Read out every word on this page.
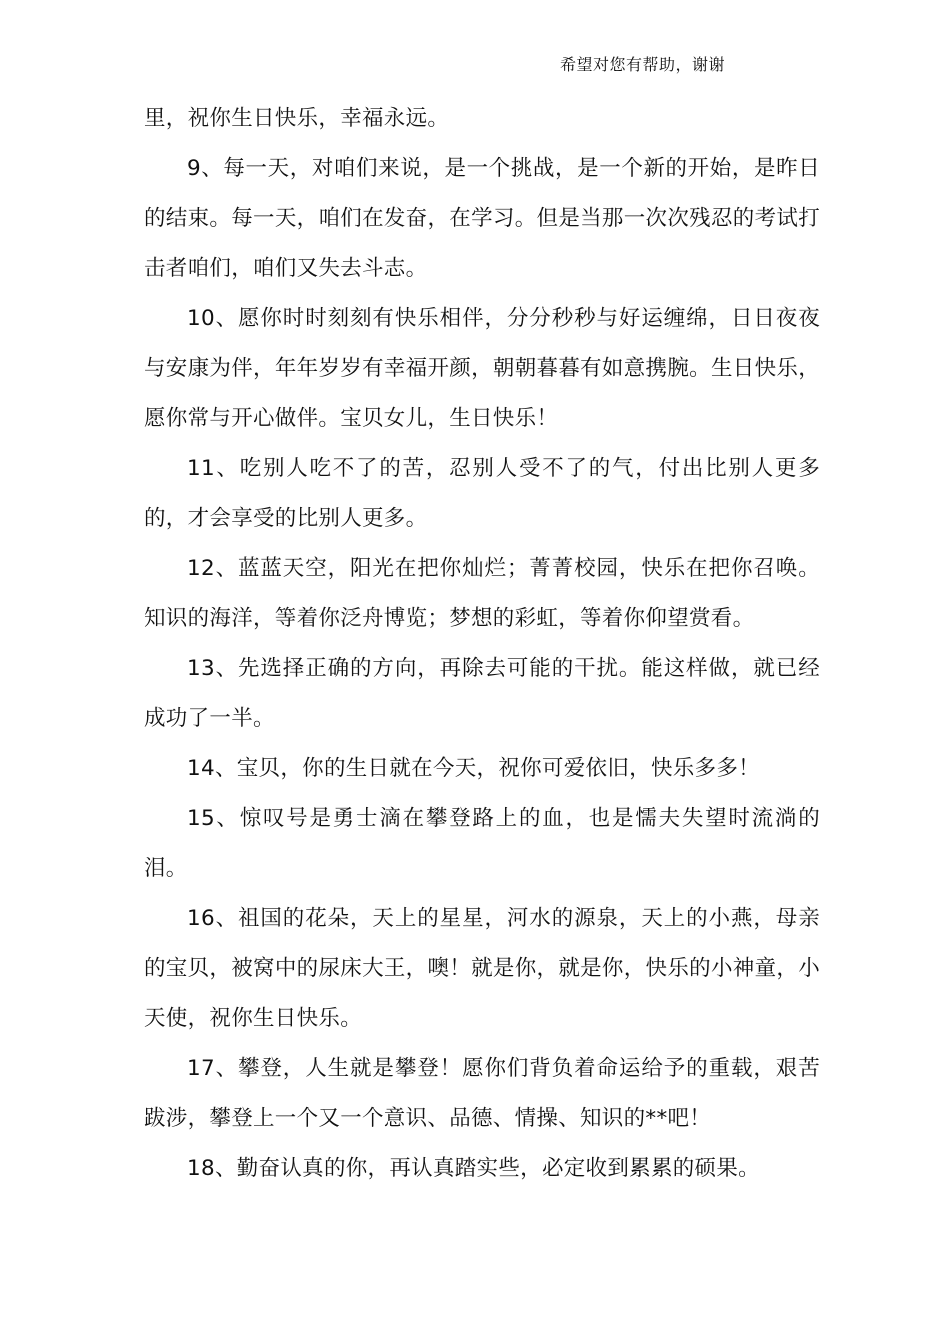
希望对您有帮助，谢谢

里，祝你生日快乐，幸福永远。

9、每一天，对咱们来说，是一个挑战，是一个新的开始，是昨日的结束。每一天，咱们在发奋，在学习。但是当那一次次残忍的考试打击者咱们，咱们又失去斗志。

10、愿你时时刻刻有快乐相伴，分分秒秒与好运缠绵，日日夜夜与安康为伴，年年岁岁有幸福开颜，朝朝暮暮有如意携腕。生日快乐，愿你常与开心做伴。宝贝女儿，生日快乐！

11、吃别人吃不了的苦，忍别人受不了的气，付出比别人更多的，才会享受的比别人更多。

12、蓝蓝天空，阳光在把你灿烂；菁菁校园，快乐在把你召唤。知识的海洋，等着你泛舟博览；梦想的彩虹，等着你仰望赏看。

13、先选择正确的方向，再除去可能的干扰。能这样做，就已经成功了一半。

14、宝贝，你的生日就在今天，祝你可爱依旧，快乐多多！

15、惊叹号是勇士滴在攀登路上的血，也是懦夫失望时流淌的泪。

16、祖国的花朵，天上的星星，河水的源泉，天上的小燕，母亲的宝贝，被窝中的尿床大王，噢！就是你，就是你，快乐的小神童，小天使，祝你生日快乐。

17、攀登，人生就是攀登！愿你们背负着命运给予的重载，艰苦跋涉，攀登上一个又一个意识、品德、情操、知识的**吧！

18、勤奋认真的你，再认真踏实些，必定收到累累的硕果。
